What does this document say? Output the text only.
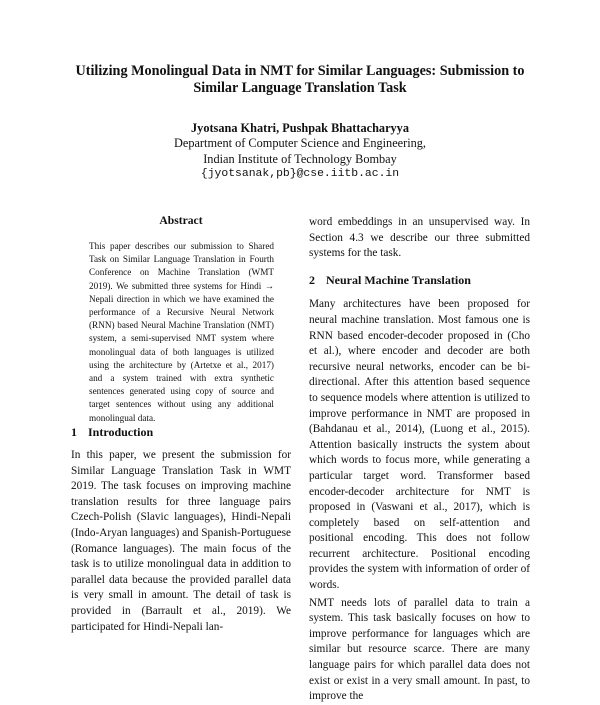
Utilizing Monolingual Data in NMT for Similar Languages: Submission to Similar Language Translation Task
Jyotsana Khatri, Pushpak Bhattacharyya
Department of Computer Science and Engineering,
Indian Institute of Technology Bombay
{jyotsanak,pb}@cse.iitb.ac.in
Abstract
This paper describes our submission to Shared Task on Similar Language Translation in Fourth Conference on Machine Translation (WMT 2019). We submitted three systems for Hindi → Nepali direction in which we have examined the performance of a Recursive Neural Network (RNN) based Neural Machine Translation (NMT) system, a semi-supervised NMT system where monolingual data of both languages is utilized using the architecture by (Artetxe et al., 2017) and a system trained with extra synthetic sentences generated using copy of source and target sentences without using any additional monolingual data.
1 Introduction
In this paper, we present the submission for Similar Language Translation Task in WMT 2019. The task focuses on improving machine translation results for three language pairs Czech-Polish (Slavic languages), Hindi-Nepali (Indo-Aryan languages) and Spanish-Portuguese (Romance languages). The main focus of the task is to utilize monolingual data in addition to parallel data because the provided parallel data is very small in amount. The detail of task is provided in (Barrault et al., 2019). We participated for Hindi-Nepali lan-

word embeddings in an unsupervised way. In Section 4.3 we describe our three submitted systems for the task.

2 Neural Machine Translation

Many architectures have been proposed for neural machine translation. Most famous one is RNN based encoder-decoder proposed in (Cho et al.), where encoder and decoder are both recursive neural networks, encoder can be bi-directional. After this attention based sequence to sequence models where attention is utilized to improve performance in NMT are proposed in (Bahdanau et al., 2014), (Luong et al., 2015). Attention basically instructs the system about which words to focus more, while generating a particular target word. Transformer based encoder-decoder architecture for NMT is proposed in (Vaswani et al., 2017), which is completely based on self-attention and positional encoding. This does not follow recurrent architecture. Positional encoding provides the system with information of order of words.

NMT needs lots of parallel data to train a system. This task basically focuses on how to improve performance for languages which are similar but resource scarce. There are many language pairs for which parallel data does not exist or exist in a very small amount. In past, to improve the
